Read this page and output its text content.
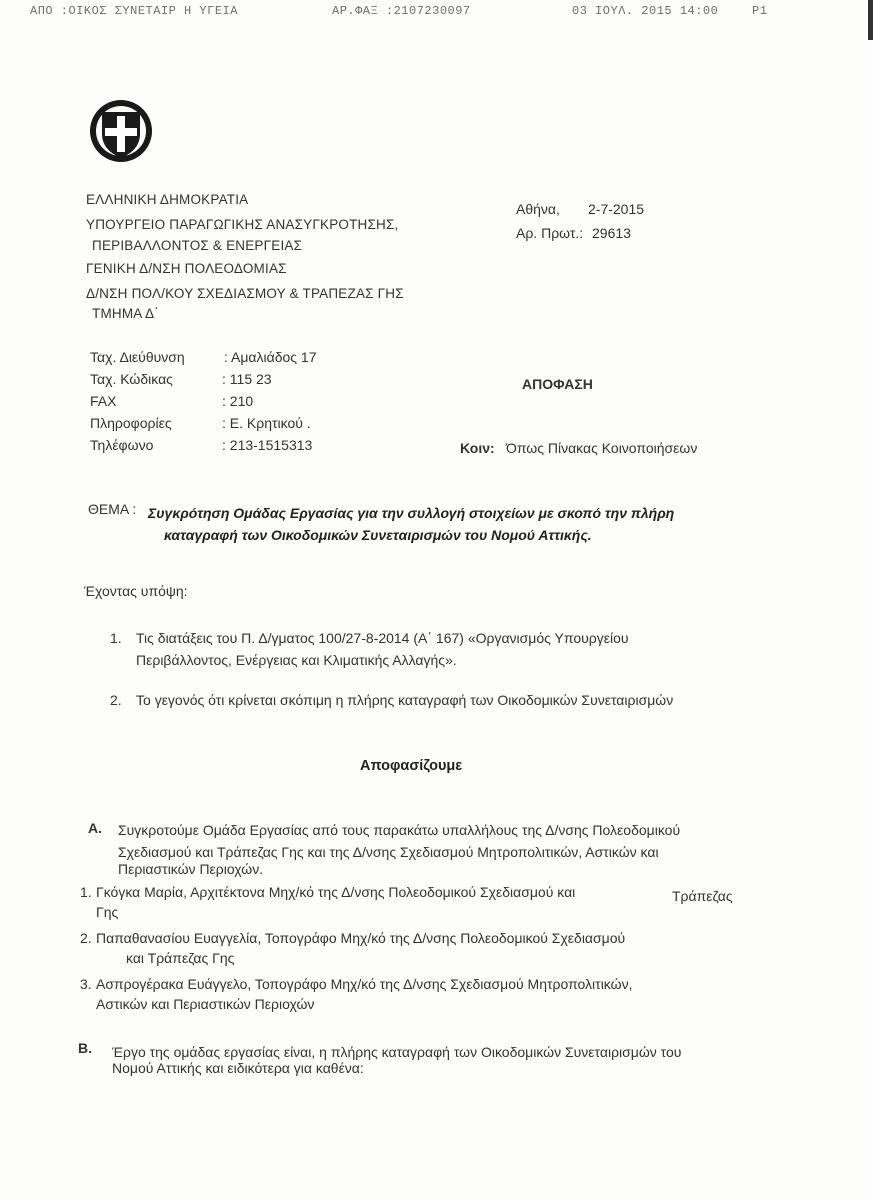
ΑΠΟ :ΟΙΚΟΣ ΣΥΝΕΤΑΙΡ Η ΥΓΕΙΑ	ΑΡ.ΦΑΞ :2107230097	03 ΙΟΥΛ. 2015 14:00	Ρ1
ΕΛΛΗΝΙΚΗ ΔΗΜΟΚΡΑΤΙΑ
ΥΠΟΥΡΓΕΙΟ ΠΑΡΑΓΩΓΙΚΗΣ ΑΝΑΣΥΓΚΡΟΤΗΣΗΣ,
ΠΕΡΙΒΑΛΛΟΝΤΟΣ & ΕΝΕΡΓΕΙΑΣ
ΓΕΝΙΚΗ Δ/ΝΣΗ ΠΟΛΕΟΔΟΜΙΑΣ
Δ/ΝΣΗ ΠΟΛ/ΚΟΥ ΣΧΕΔΙΑΣΜΟΥ & ΤΡΑΠΕΖΑΣ ΓΗΣ
ΤΜΗΜΑ Δ΄
Αθήνα, 2-7-2015
Αρ. Πρωτ.: 29613
Ταχ. Διεύθυνση	: Αμαλιάδος 17
Ταχ. Κώδικας	: 115 23
FAX	: 210
Πληροφορίες	: Ε. Κρητικού .
Τηλέφωνο	: 213-1515313
ΑΠΟΦΑΣΗ
Κοιν: Όπως Πίνακας Κοινοποιήσεων
ΘΕΜΑ : Συγκρότηση Ομάδας Εργασίας για την συλλογή στοιχείων με σκοπό την πλήρη
καταγραφή των Οικοδομικών Συνεταιρισμών του Νομού Αττικής.
Έχοντας υπόψη:
1. Τις διατάξεις του Π. Δ/γματος 100/27-8-2014 (Α΄ 167) «Οργανισμός Υπουργείου
Περιβάλλοντος, Ενέργειας και Κλιματικής Αλλαγής».
2. Το γεγονός ότι κρίνεται σκόπιμη η πλήρης καταγραφή των Οικοδομικών Συνεταιρισμών
Αποφασίζουμε
Α. Συγκροτούμε Ομάδα Εργασίας από τους παρακάτω υπαλλήλους της Δ/νσης Πολεοδομικού
Σχεδιασμού και Τράπεζας Γης και της Δ/νσης Σχεδιασμού Μητροπολιτικών, Αστικών και
Περιαστικών Περιοχών.
1. Γκόγκα Μαρία, Αρχιτέκτονα Μηχ/κό της Δ/νσης Πολεοδομικού Σχεδιασμού και	Τράπεζας
Γης
2. Παπαθανασίου Ευαγγελία, Τοπογράφο Μηχ/κό της Δ/νσης Πολεοδομικού Σχεδιασμού
και Τράπεζας Γης
3. Ασπρογέρακα Ευάγγελο, Τοπογράφο Μηχ/κό της Δ/νσης Σχεδιασμού Μητροπολιτικών,
Αστικών και Περιαστικών Περιοχών
Β. Έργο της ομάδας εργασίας είναι, η πλήρης καταγραφή των Οικοδομικών Συνεταιρισμών του
Νομού Αττικής και ειδικότερα για καθένα:
